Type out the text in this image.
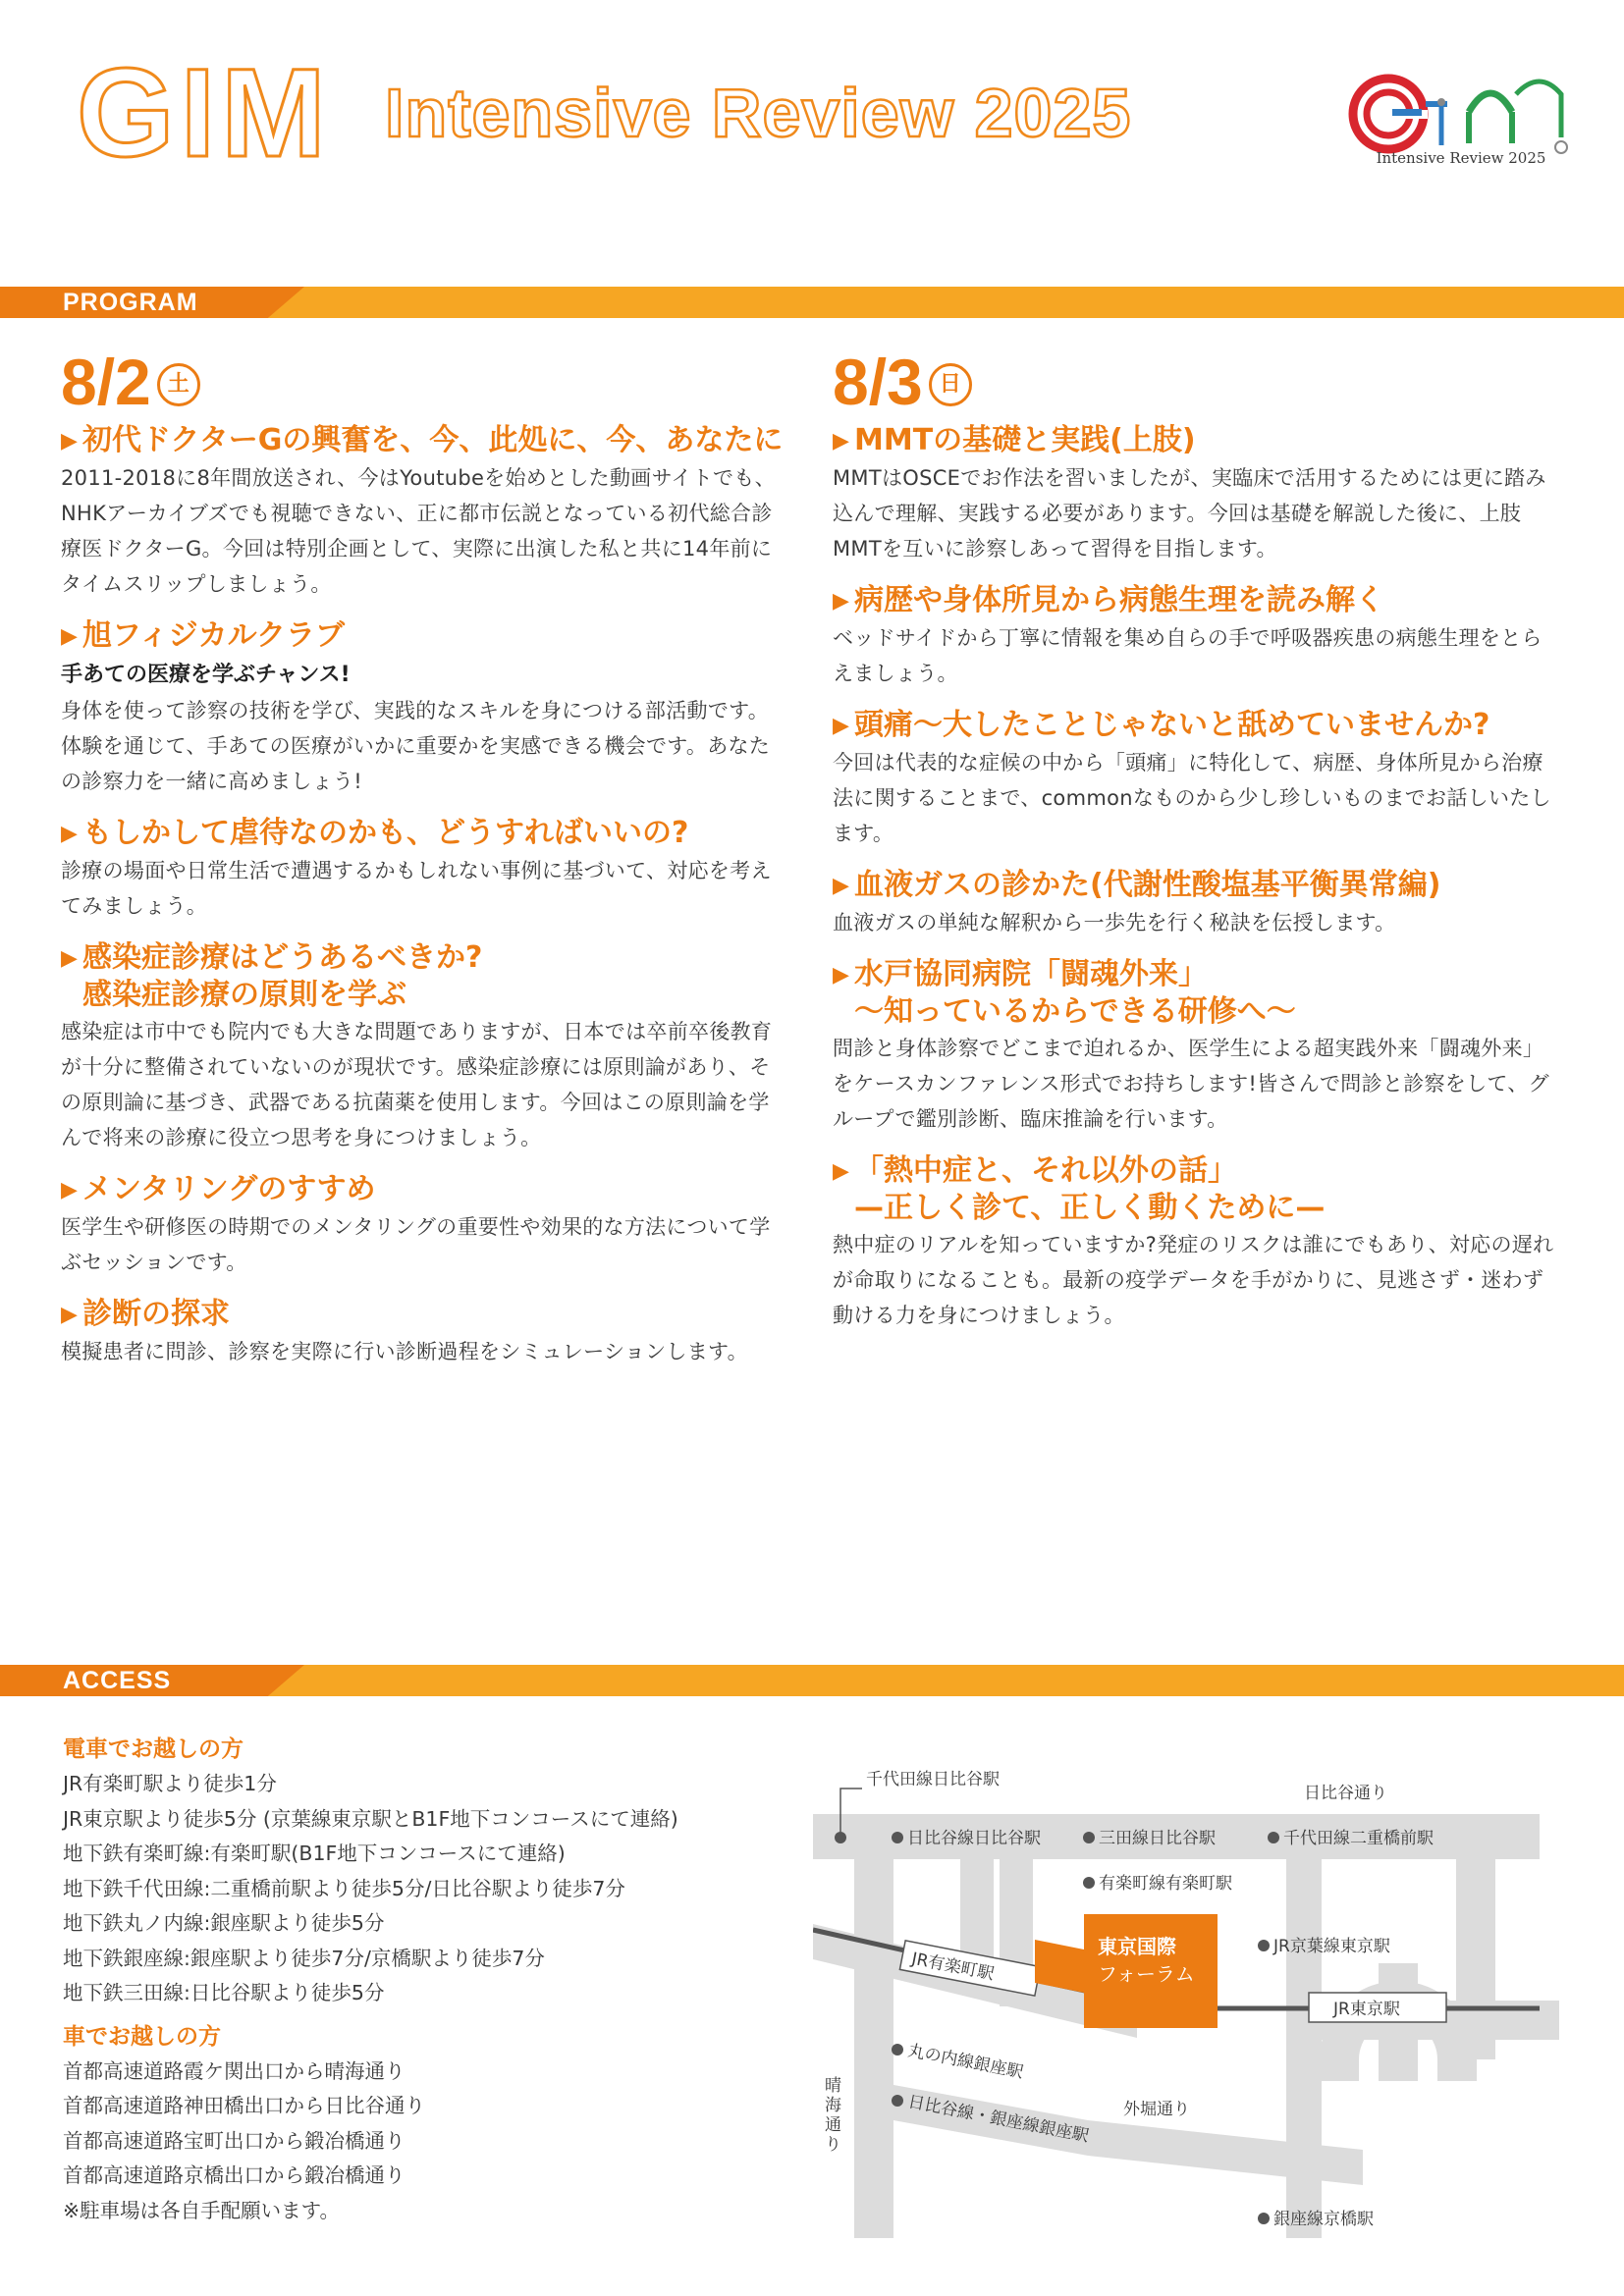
GIM Intensive Review 2025
Intensive Review 2025
PROGRAM
8/2 土
▶ 初代ドクターGの興奮を、今、此処に、今、あなたに
2011-2018に8年間放送され、今はYoutubeを始めとした動画サイトでも、NHKアーカイブズでも視聴できない、正に都市伝説となっている初代総合診療医ドクターG。今回は特別企画として、実際に出演した私と共に14年前にタイムスリップしましょう。
▶ 旭フィジカルクラブ
手あての医療を学ぶチャンス!
身体を使って診察の技術を学び、実践的なスキルを身につける部活動です。体験を通じて、手あての医療がいかに重要かを実感できる機会です。あなたの診察力を一緒に高めましょう!
▶ もしかして虐待なのかも、どうすればいいの?
診療の場面や日常生活で遭遇するかもしれない事例に基づいて、対応を考えてみましょう。
▶ 感染症診療はどうあるべきか?
感染症診療の原則を学ぶ
感染症は市中でも院内でも大きな問題でありますが、日本では卒前卒後教育が十分に整備されていないのが現状です。感染症診療には原則論があり、その原則論に基づき、武器である抗菌薬を使用します。今回はこの原則論を学んで将来の診療に役立つ思考を身につけましょう。
▶ メンタリングのすすめ
医学生や研修医の時期でのメンタリングの重要性や効果的な方法について学ぶセッションです。
▶ 診断の探求
模擬患者に問診、診察を実際に行い診断過程をシミュレーションします。
8/3 日
▶ MMTの基礎と実践(上肢)
MMTはOSCEでお作法を習いましたが、実臨床で活用するためには更に踏み込んで理解、実践する必要があります。今回は基礎を解説した後に、上肢MMTを互いに診察しあって習得を目指します。
▶ 病歴や身体所見から病態生理を読み解く
ベッドサイドから丁寧に情報を集め自らの手で呼吸器疾患の病態生理をとらえましょう。
▶ 頭痛〜大したことじゃないと舐めていませんか?
今回は代表的な症候の中から「頭痛」に特化して、病歴、身体所見から治療法に関することまで、commonなものから少し珍しいものまでお話しいたします。
▶ 血液ガスの診かた(代謝性酸塩基平衡異常編)
血液ガスの単純な解釈から一歩先を行く秘訣を伝授します。
▶ 水戸協同病院「闘魂外来」
〜知っているからできる研修へ〜
問診と身体診察でどこまで迫れるか、医学生による超実践外来「闘魂外来」をケースカンファレンス形式でお持ちします!皆さんで問診と診察をして、グループで鑑別診断、臨床推論を行います。
▶ 「熱中症と、それ以外の話」
—正しく診て、正しく動くために—
熱中症のリアルを知っていますか?発症のリスクは誰にでもあり、対応の遅れが命取りになることも。最新の疫学データを手がかりに、見逃さず・迷わず動ける力を身につけましょう。
ACCESS
電車でお越しの方
JR有楽町駅より徒歩1分
JR東京駅より徒歩5分 (京葉線東京駅とB1F地下コンコースにて連絡)
地下鉄有楽町線:有楽町駅(B1F地下コンコースにて連絡)
地下鉄千代田線:二重橋前駅より徒歩5分/日比谷駅より徒歩7分
地下鉄丸ノ内線:銀座駅より徒歩5分
地下鉄銀座線:銀座駅より徒歩7分/京橋駅より徒歩7分
地下鉄三田線:日比谷駅より徒歩5分
車でお越しの方
首都高速道路霞ケ関出口から晴海通り
首都高速道路神田橋出口から日比谷通り
首都高速道路宝町出口から鍛冶橋通り
首都高速道路京橋出口から鍛冶橋通り
※駐車場は各自手配願います。
JR有楽町駅
JR東京駅
東京国際
フォーラム
千代田線日比谷駅
日比谷通り
日比谷線日比谷駅	三田線日比谷駅	千代田線二重橋前駅
有楽町線有楽町駅
JR京葉線東京駅
丸の内線銀座駅
日比谷線・銀座線銀座駅 外堀通り
銀座線京橋駅
晴
海
通
り
